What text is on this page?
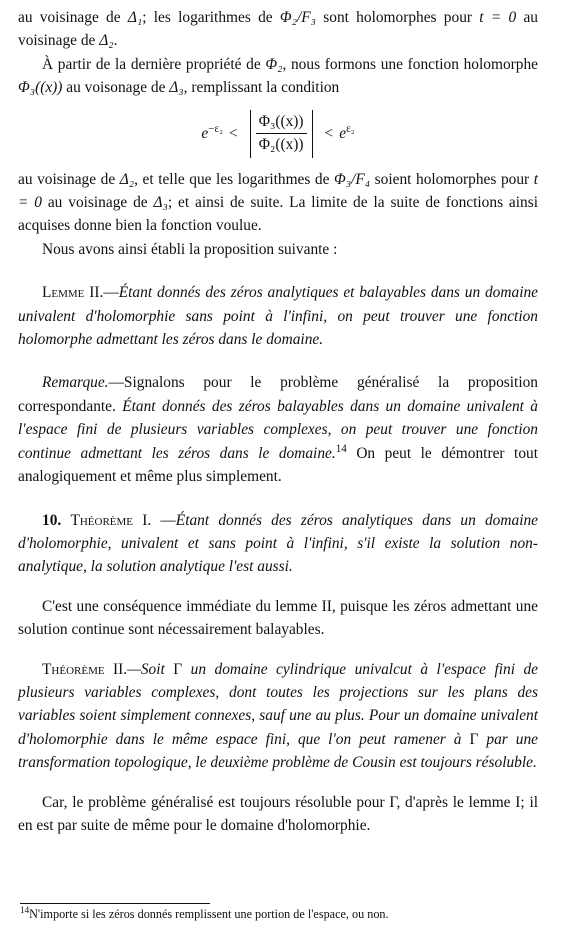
au voisinage de Δ₁; les logarithmes de Φ₂/F₃ sont holomorphes pour t = 0 au voisinage de Δ₂.

À partir de la dernière propriété de Φ₂, nous formons une fonction holomorphe Φ₃((x)) au voisonage de Δ₃, remplissant la condition

$e^{-\varepsilon_2} < \frac{\text{Φ₃((x))}}{\text{Φ₂((x))}} < e^{\varepsilon_2}$

au voisinage de Δ₂, et telle que les logarithmes de Φ₃/F₄ soient holomorphes pour t = 0 au voisinage de Δ₃; et ainsi de suite. La limite de la suite de fonctions ainsi acquises donne bien la fonction voulue.

Nous avons ainsi établi la proposition suivante :

Lemme II.—Étant donnés des zéros analytiques et balayables dans un domaine univalent d'holomorphie sans point à l'infini, on peut trouver une fonction holomorphe admettant les zéros dans le domaine.

Remarque.—Signalons pour le problème généralisé la proposition correspondante. Étant donnés des zéros balayables dans un domaine univalent à l'espace fini de plusieurs variables complexes, on peut trouver une fonction continue admettant les zéros dans le domaine.$^{14}$ On peut le démontrer tout analogiquement et même plus simplement.

10. Théorème I. —Étant donnés des zéros analytiques dans un domaine d'holomorphie, univalent et sans point à l'infini, s'il existe la solution non-analytique, la solution analytique l'est aussi.

C'est une conséquence immédiate du lemme II, puisque les zéros admettant une solution continue sont nécessairement balayables.

Théorème II.—Soit Γ un domaine cylindrique univalcut à l'espace fini de plusieurs variables complexes, dont toutes les projections sur les plans des variables soient simplement connexes, sauf une au plus. Pour un domaine univalent d'holomorphie dans le même espace fini, que l'on peut ramener à Γ par une transformation topologique, le deuxième problème de Cousin est toujours résoluble.

Car, le problème généralisé est toujours résoluble pour Γ, d'après le lemme I; il en est par suite de même pour le domaine d'holomorphie.

$^{14}$N'importe si les zéros donnés remplissent une portion de l'espace, ou non.
